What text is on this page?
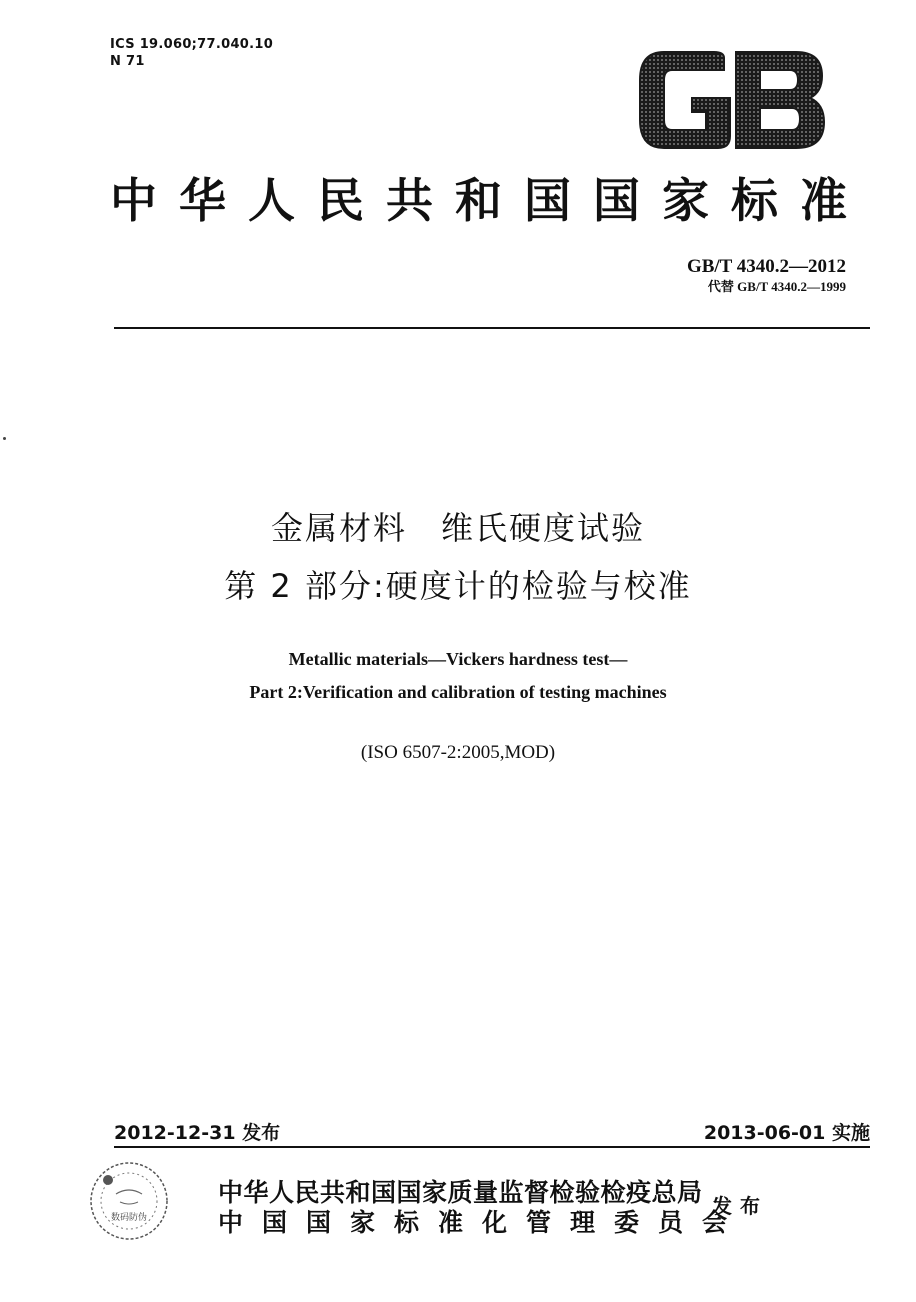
ICS 19.060;77.040.10
N 71
中华人民共和国国家标准
GB/T 4340.2—2012
代替 GB/T 4340.2—1999
金属材料　维氏硬度试验
第 2 部分:硬度计的检验与校准
Metallic materials—Vickers hardness test—
Part 2:Verification and calibration of testing machines
(ISO 6507-2:2005,MOD)
2012-12-31 发布	2013-06-01 实施
数码防伪
中华人民共和国国家质量监督检验检疫总局
中国国家标准化管理委员会
发布
